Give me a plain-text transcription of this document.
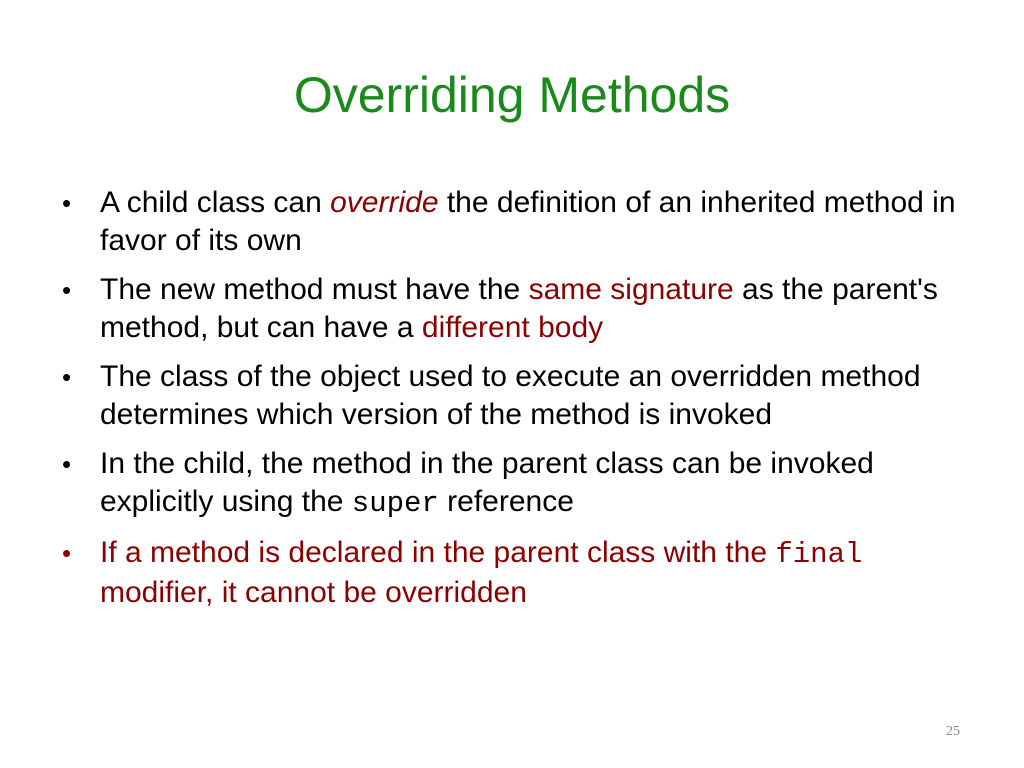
Overriding Methods
• A child class can override the definition of an inherited method in favor of its own
• The new method must have the same signature as the parent's method, but can have a different body
• The class of the object used to execute an overridden method determines which version of the method is invoked
• In the child, the method in the parent class can be invoked explicitly using the super reference
• If a method is declared in the parent class with the final modifier, it cannot be overridden
25
